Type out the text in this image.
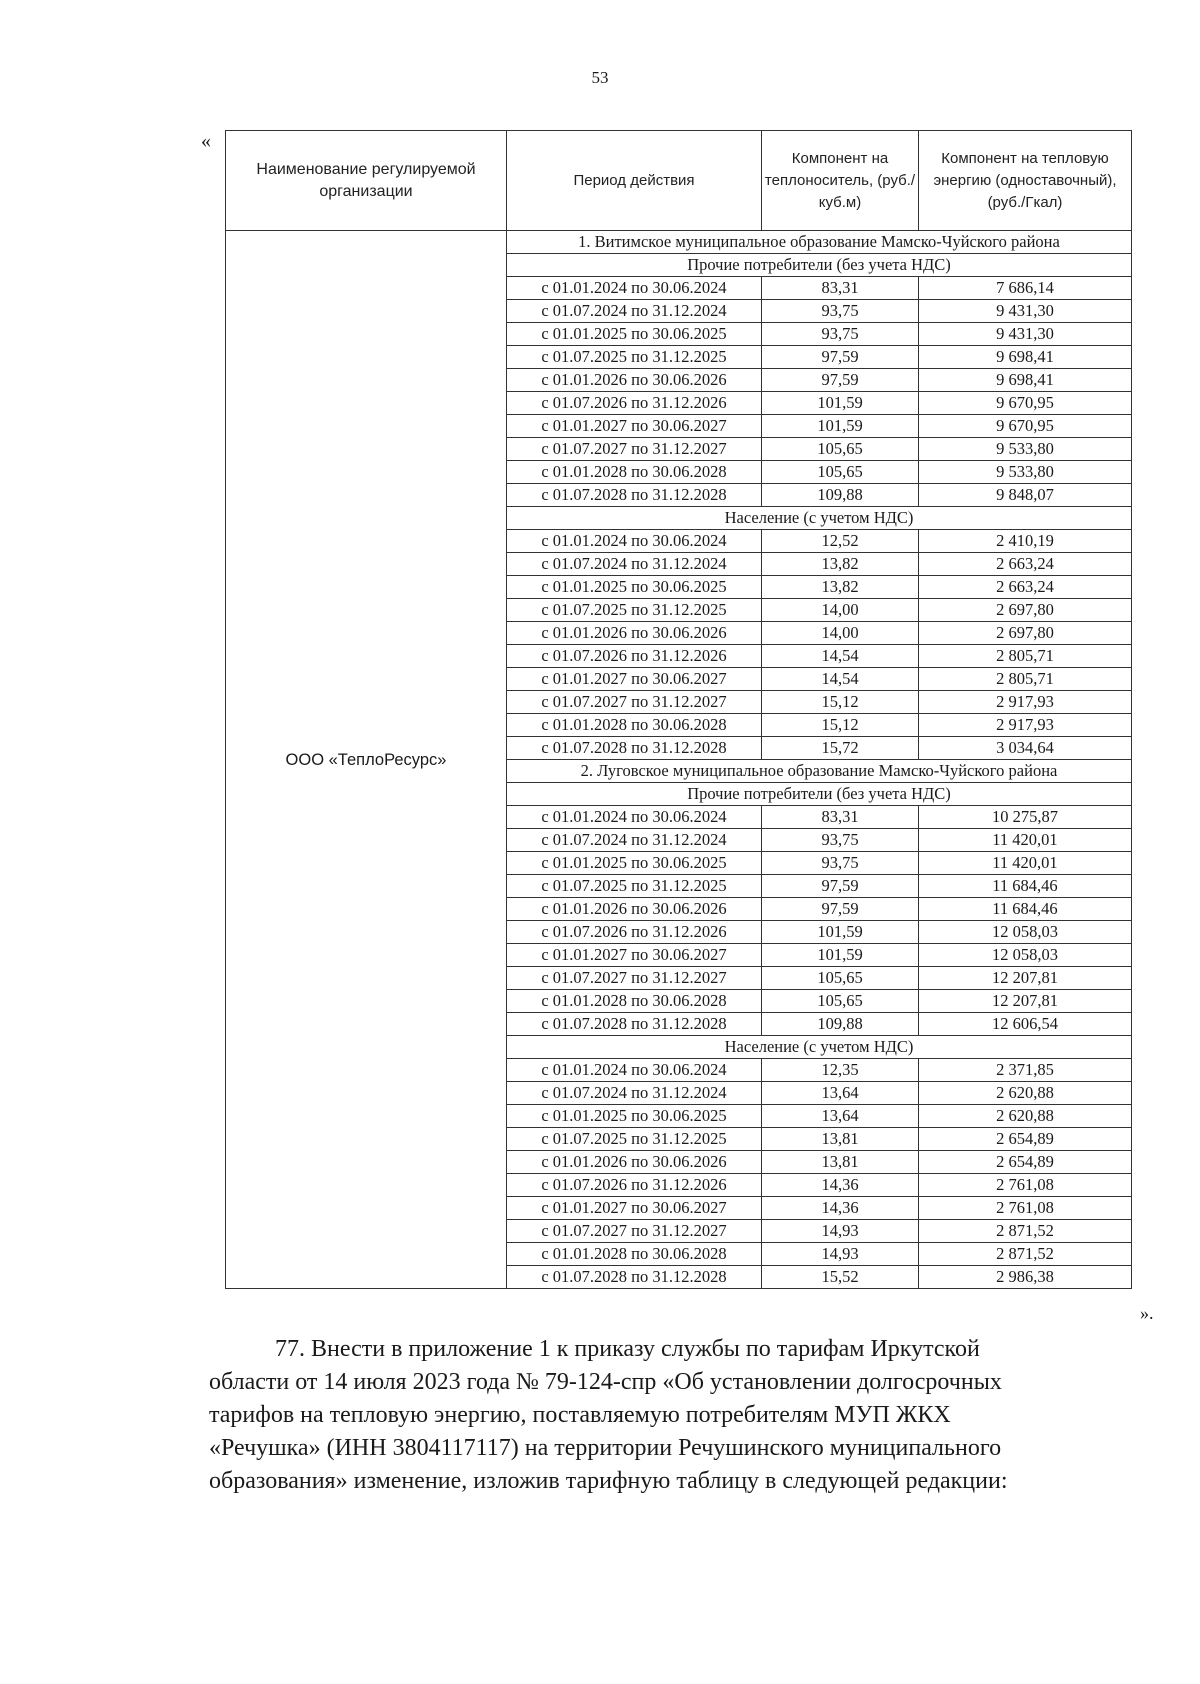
53
«
Наименование регулируемой организации	Период действия	Компонент на теплоноситель, (руб./куб.м)	Компонент на тепловую энергию (одноставочный), (руб./Гкал)
ООО «ТеплоРесурс»	1. Витимское муниципальное образование Мамско-Чуйского района		
	Прочие потребители (без учета НДС)		
	с 01.01.2024 по 30.06.2024	83,31	7 686,14
	с 01.07.2024 по 31.12.2024	93,75	9 431,30
	с 01.01.2025 по 30.06.2025	93,75	9 431,30
	с 01.07.2025 по 31.12.2025	97,59	9 698,41
	с 01.01.2026 по 30.06.2026	97,59	9 698,41
	с 01.07.2026 по 31.12.2026	101,59	9 670,95
	с 01.01.2027 по 30.06.2027	101,59	9 670,95
	с 01.07.2027 по 31.12.2027	105,65	9 533,80
	с 01.01.2028 по 30.06.2028	105,65	9 533,80
	с 01.07.2028 по 31.12.2028	109,88	9 848,07
	Население (с учетом НДС)		
	с 01.01.2024 по 30.06.2024	12,52	2 410,19
	с 01.07.2024 по 31.12.2024	13,82	2 663,24
	с 01.01.2025 по 30.06.2025	13,82	2 663,24
	с 01.07.2025 по 31.12.2025	14,00	2 697,80
	с 01.01.2026 по 30.06.2026	14,00	2 697,80
	с 01.07.2026 по 31.12.2026	14,54	2 805,71
	с 01.01.2027 по 30.06.2027	14,54	2 805,71
	с 01.07.2027 по 31.12.2027	15,12	2 917,93
	с 01.01.2028 по 30.06.2028	15,12	2 917,93
	с 01.07.2028 по 31.12.2028	15,72	3 034,64
	2. Луговское муниципальное образование Мамско-Чуйского района		
	Прочие потребители (без учета НДС)		
	с 01.01.2024 по 30.06.2024	83,31	10 275,87
	с 01.07.2024 по 31.12.2024	93,75	11 420,01
	с 01.01.2025 по 30.06.2025	93,75	11 420,01
	с 01.07.2025 по 31.12.2025	97,59	11 684,46
	с 01.01.2026 по 30.06.2026	97,59	11 684,46
	с 01.07.2026 по 31.12.2026	101,59	12 058,03
	с 01.01.2027 по 30.06.2027	101,59	12 058,03
	с 01.07.2027 по 31.12.2027	105,65	12 207,81
	с 01.01.2028 по 30.06.2028	105,65	12 207,81
	с 01.07.2028 по 31.12.2028	109,88	12 606,54
	Население (с учетом НДС)		
	с 01.01.2024 по 30.06.2024	12,35	2 371,85
	с 01.07.2024 по 31.12.2024	13,64	2 620,88
	с 01.01.2025 по 30.06.2025	13,64	2 620,88
	с 01.07.2025 по 31.12.2025	13,81	2 654,89
	с 01.01.2026 по 30.06.2026	13,81	2 654,89
	с 01.07.2026 по 31.12.2026	14,36	2 761,08
	с 01.01.2027 по 30.06.2027	14,36	2 761,08
	с 01.07.2027 по 31.12.2027	14,93	2 871,52
	с 01.01.2028 по 30.06.2028	14,93	2 871,52
	с 01.07.2028 по 31.12.2028	15,52	2 986,38
».

77. Внести в приложение 1 к приказу службы по тарифам Иркутской
области от 14 июля 2023 года № 79-124-спр «Об установлении долгосрочных
тарифов на тепловую энергию, поставляемую потребителям МУП ЖКХ
«Речушка» (ИНН 3804117117) на территории Речушинского муниципального
образования» изменение, изложив тарифную таблицу в следующей редакции:
